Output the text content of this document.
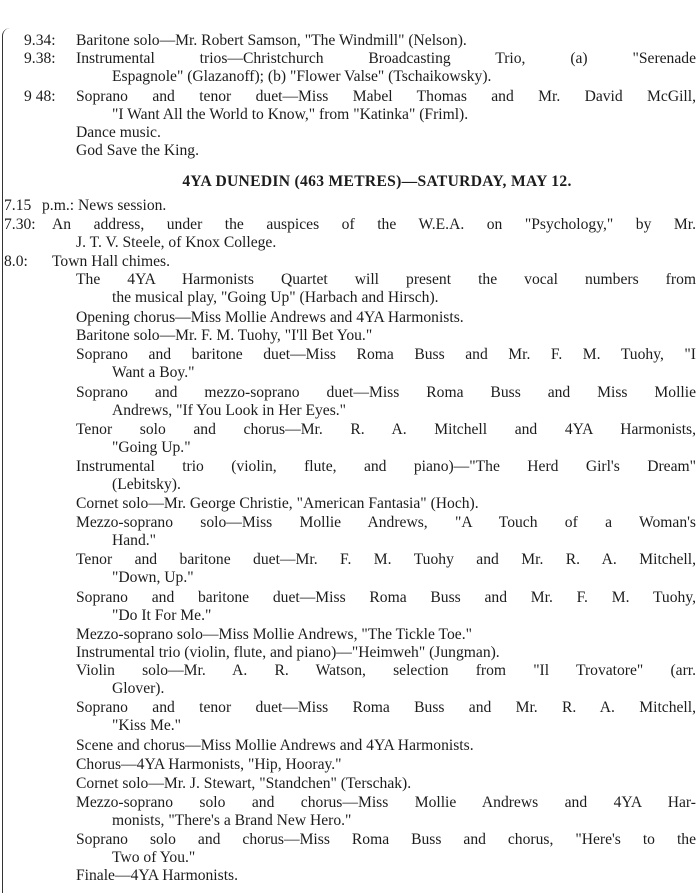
9.34: Baritone solo—Mr. Robert Samson, "The Windmill" (Nelson).
9.38: Instrumental trios—Christchurch Broadcasting Trio, (a) "Serenade
Espagnole" (Glazanoff); (b) "Flower Valse" (Tschaikowsky).
9 48: Soprano and tenor duet—Miss Mabel Thomas and Mr. David McGill,
"I Want All the World to Know," from "Katinka" (Friml).
Dance music.
God Save the King.
4YA DUNEDIN (463 METRES)—SATURDAY, MAY 12.
7.15 p.m.: News session.
7.30: An address, under the auspices of the W.E.A. on "Psychology," by Mr.
J. T. V. Steele, of Knox College.
8.0: Town Hall chimes.
The 4YA Harmonists Quartet will present the vocal numbers from
the musical play, "Going Up" (Harbach and Hirsch).
Opening chorus—Miss Mollie Andrews and 4YA Harmonists.
Baritone solo—Mr. F. M. Tuohy, "I'll Bet You."
Soprano and baritone duet—Miss Roma Buss and Mr. F. M. Tuohy, "I
Want a Boy."
Soprano and mezzo-soprano duet—Miss Roma Buss and Miss Mollie
Andrews, "If You Look in Her Eyes."
Tenor solo and chorus—Mr. R. A. Mitchell and 4YA Harmonists,
"Going Up."
Instrumental trio (violin, flute, and piano)—"The Herd Girl's Dream"
(Lebitsky).
Cornet solo—Mr. George Christie, "American Fantasia" (Hoch).
Mezzo-soprano solo—Miss Mollie Andrews, "A Touch of a Woman's
Hand."
Tenor and baritone duet—Mr. F. M. Tuohy and Mr. R. A. Mitchell,
"Down, Up."
Soprano and baritone duet—Miss Roma Buss and Mr. F. M. Tuohy,
"Do It For Me."
Mezzo-soprano solo—Miss Mollie Andrews, "The Tickle Toe."
Instrumental trio (violin, flute, and piano)—"Heimweh" (Jungman).
Violin solo—Mr. A. R. Watson, selection from "Il Trovatore" (arr.
Glover).
Soprano and tenor duet—Miss Roma Buss and Mr. R. A. Mitchell,
"Kiss Me."
Scene and chorus—Miss Mollie Andrews and 4YA Harmonists.
Chorus—4YA Harmonists, "Hip, Hooray."
Cornet solo—Mr. J. Stewart, "Standchen" (Terschak).
Mezzo-soprano solo and chorus—Miss Mollie Andrews and 4YA Har-
monists, "There's a Brand New Hero."
Soprano solo and chorus—Miss Roma Buss and chorus, "Here's to the
Two of You."
Finale—4YA Harmonists.
